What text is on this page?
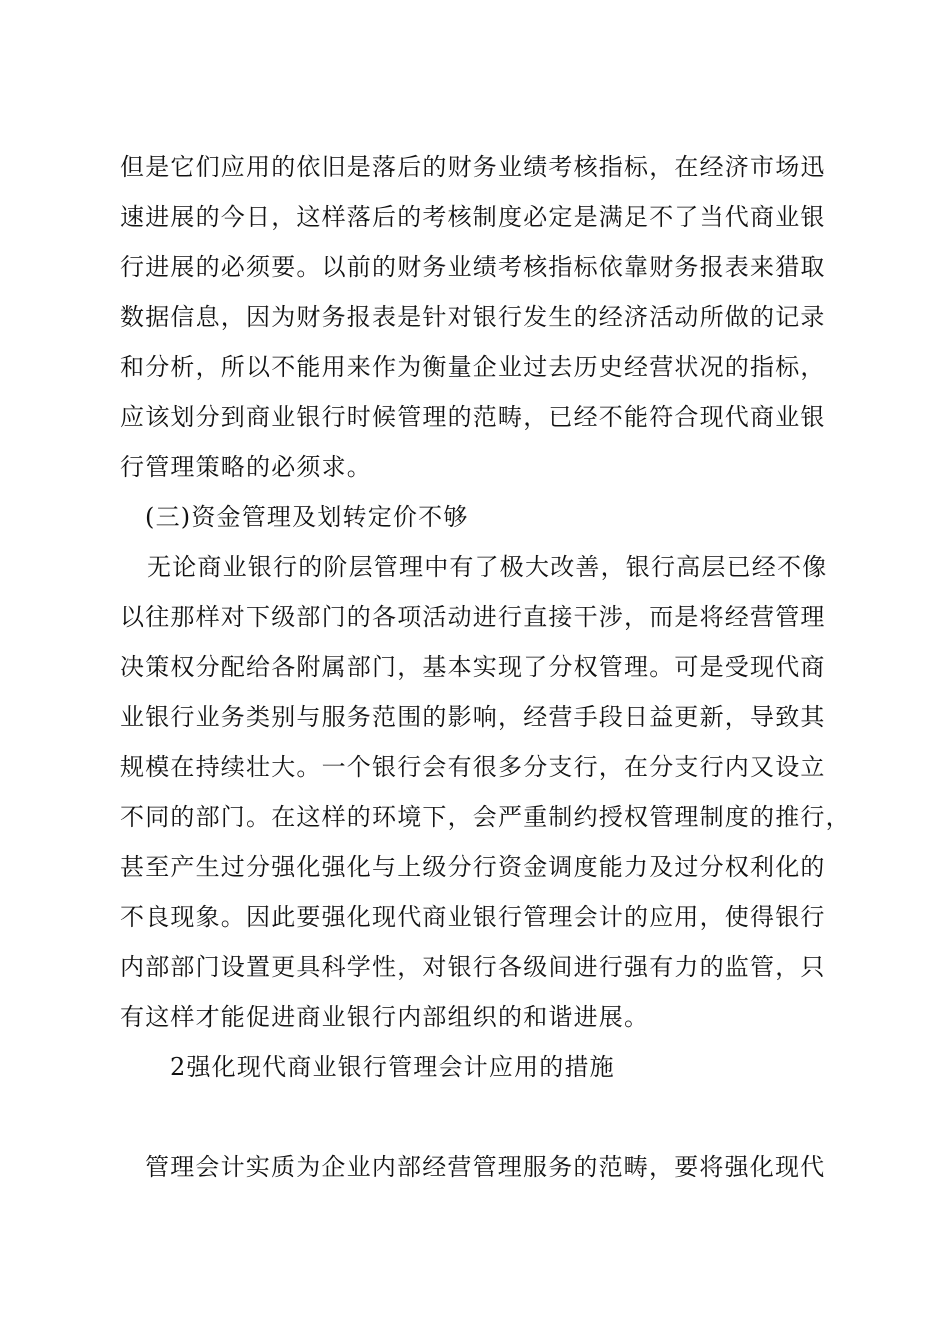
但是它们应用的依旧是落后的财务业绩考核指标，在经济市场迅
速进展的今日，这样落后的考核制度必定是满足不了当代商业银
行进展的必须要。以前的财务业绩考核指标依靠财务报表来猎取
数据信息，因为财务报表是针对银行发生的经济活动所做的记录
和分析，所以不能用来作为衡量企业过去历史经营状况的指标，
应该划分到商业银行时候管理的范畴，已经不能符合现代商业银
行管理策略的必须求。
(三)资金管理及划转定价不够
无论商业银行的阶层管理中有了极大改善，银行高层已经不像
以往那样对下级部门的各项活动进行直接干涉，而是将经营管理
决策权分配给各附属部门，基本实现了分权管理。可是受现代商
业银行业务类别与服务范围的影响，经营手段日益更新，导致其
规模在持续壮大。一个银行会有很多分支行，在分支行内又设立
不同的部门。在这样的环境下，会严重制约授权管理制度的推行，
甚至产生过分强化强化与上级分行资金调度能力及过分权利化的
不良现象。因此要强化现代商业银行管理会计的应用，使得银行
内部部门设置更具科学性，对银行各级间进行强有力的监管，只
有这样才能促进商业银行内部组织的和谐进展。
2强化现代商业银行管理会计应用的措施
管理会计实质为企业内部经营管理服务的范畴，要将强化现代
